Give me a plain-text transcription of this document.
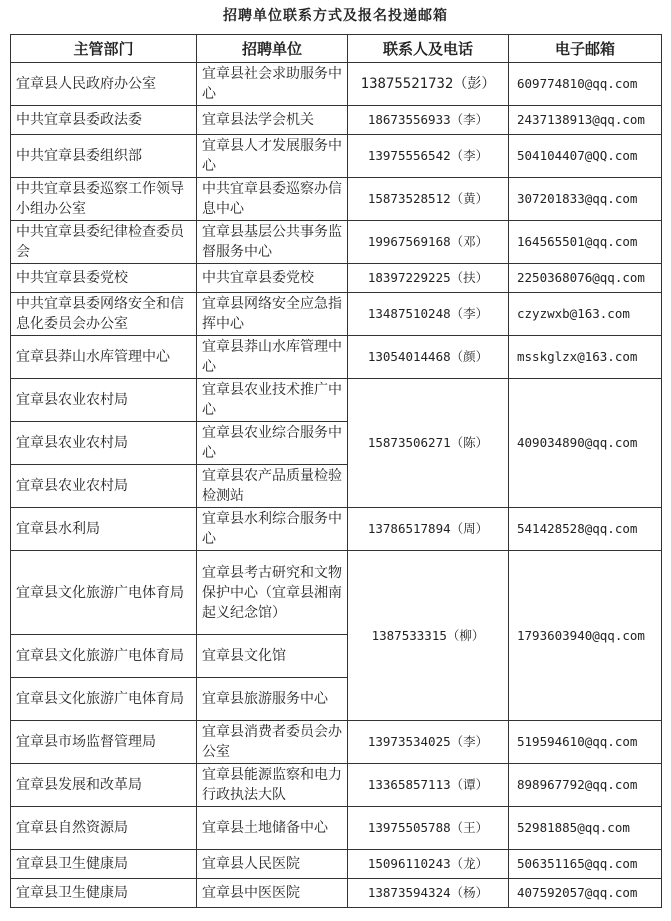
招聘单位联系方式及报名投递邮箱
主管部门	招聘单位	联系人及电话	电子邮箱
宜章县人民政府办公室	宜章县社会求助服务中心	13875521732（彭）	609774810@qq.com
中共宜章县委政法委	宜章县法学会机关	18673556933（李）	2437138913@qq.com
中共宜章县委组织部	宜章县人才发展服务中心	13975556542（李）	504104407@QQ.com
中共宜章县委巡察工作领导小组办公室	中共宜章县委巡察办信息中心	15873528512（黄）	307201833@qq.com
中共宜章县委纪律检查委员会	宜章县基层公共事务监督服务中心	19967569168（邓）	164565501@qq.com
中共宜章县委党校	中共宜章县委党校	18397229225（扶）	2250368076@qq.com
中共宜章县委网络安全和信息化委员会办公室	宜章县网络安全应急指挥中心	13487510248（李）	czyzwxb@163.com
宜章县莽山水库管理中心	宜章县莽山水库管理中心	13054014468（颜）	msskglzx@163.com
宜章县农业农村局	宜章县农业技术推广中心	15873506271（陈）	409034890@qq.com
宜章县农业农村局	宜章县农业综合服务中心		
宜章县农业农村局	宜章县农产品质量检验检测站		
宜章县水利局	宜章县水利综合服务中心	13786517894（周）	541428528@qq.com
宜章县文化旅游广电体育局	宜章县考古研究和文物保护中心（宜章县湘南起义纪念馆）	1387533315（柳）	1793603940@qq.com
宜章县文化旅游广电体育局	宜章县文化馆		
宜章县文化旅游广电体育局	宜章县旅游服务中心		
宜章县市场监督管理局	宜章县消费者委员会办公室	13973534025（李）	519594610@qq.com
宜章县发展和改革局	宜章县能源监察和电力行政执法大队	13365857113（谭）	898967792@qq.com
宜章县自然资源局	宜章县土地储备中心	13975505788（王）	52981885@qq.com
宜章县卫生健康局	宜章县人民医院	15096110243（龙）	506351165@qq.com
宜章县卫生健康局	宜章县中医医院	13873594324（杨）	407592057@qq.com
